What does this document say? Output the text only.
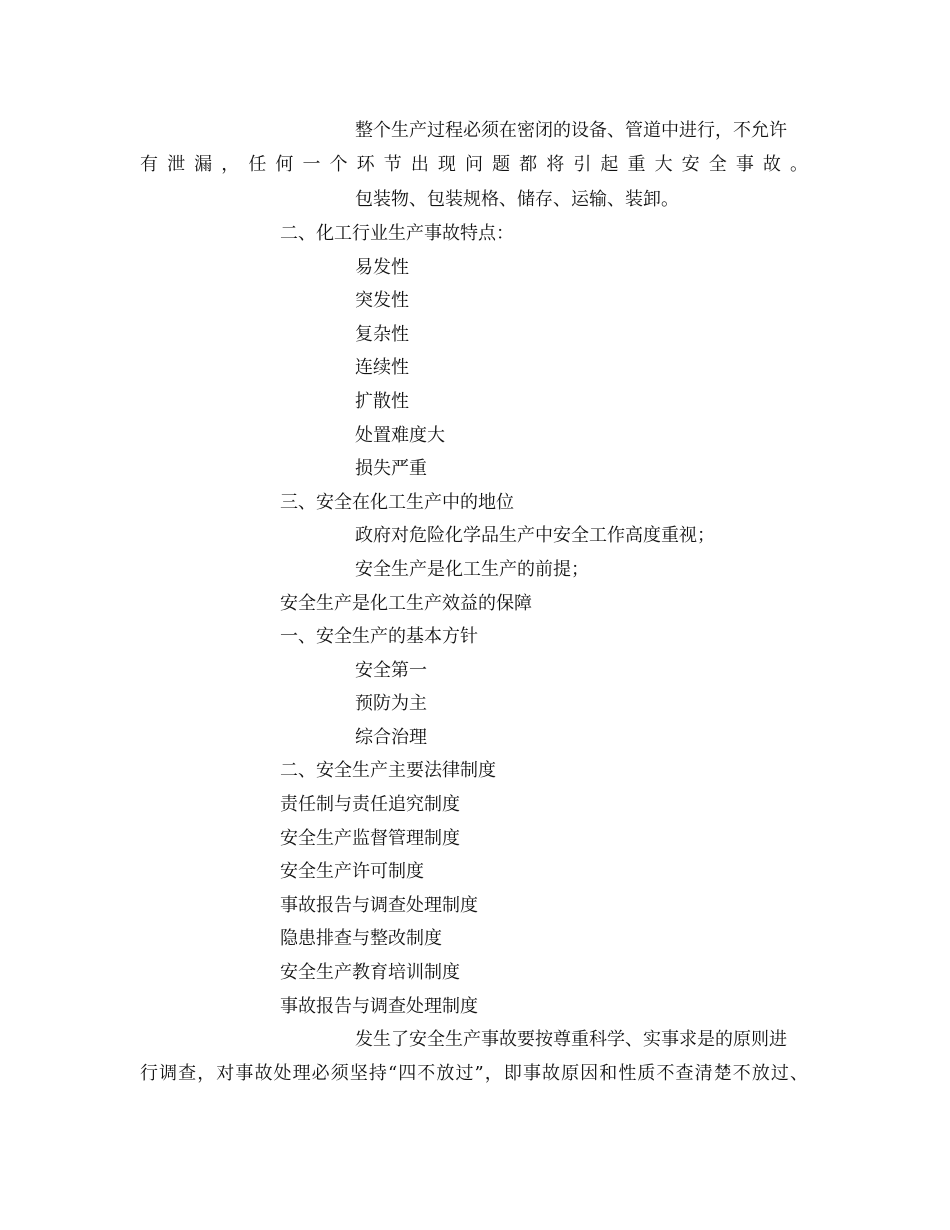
整个生产过程必须在密闭的设备、管道中进行，不允许
有泄漏，任何一个环节出现问题都将引起重大安全事故。
包装物、包装规格、储存、运输、装卸。
二、化工行业生产事故特点：
易发性
突发性
复杂性
连续性
扩散性
处置难度大
损失严重
三、安全在化工生产中的地位
政府对危险化学品生产中安全工作高度重视；
安全生产是化工生产的前提；
安全生产是化工生产效益的保障
一、安全生产的基本方针
安全第一
预防为主
综合治理
二、安全生产主要法律制度
责任制与责任追究制度
安全生产监督管理制度
安全生产许可制度
事故报告与调查处理制度
隐患排查与整改制度
安全生产教育培训制度
事故报告与调查处理制度
发生了安全生产事故要按尊重科学、实事求是的原则进
行调查，对事故处理必须坚持“四不放过”，即事故原因和性质不查清楚不放过、
